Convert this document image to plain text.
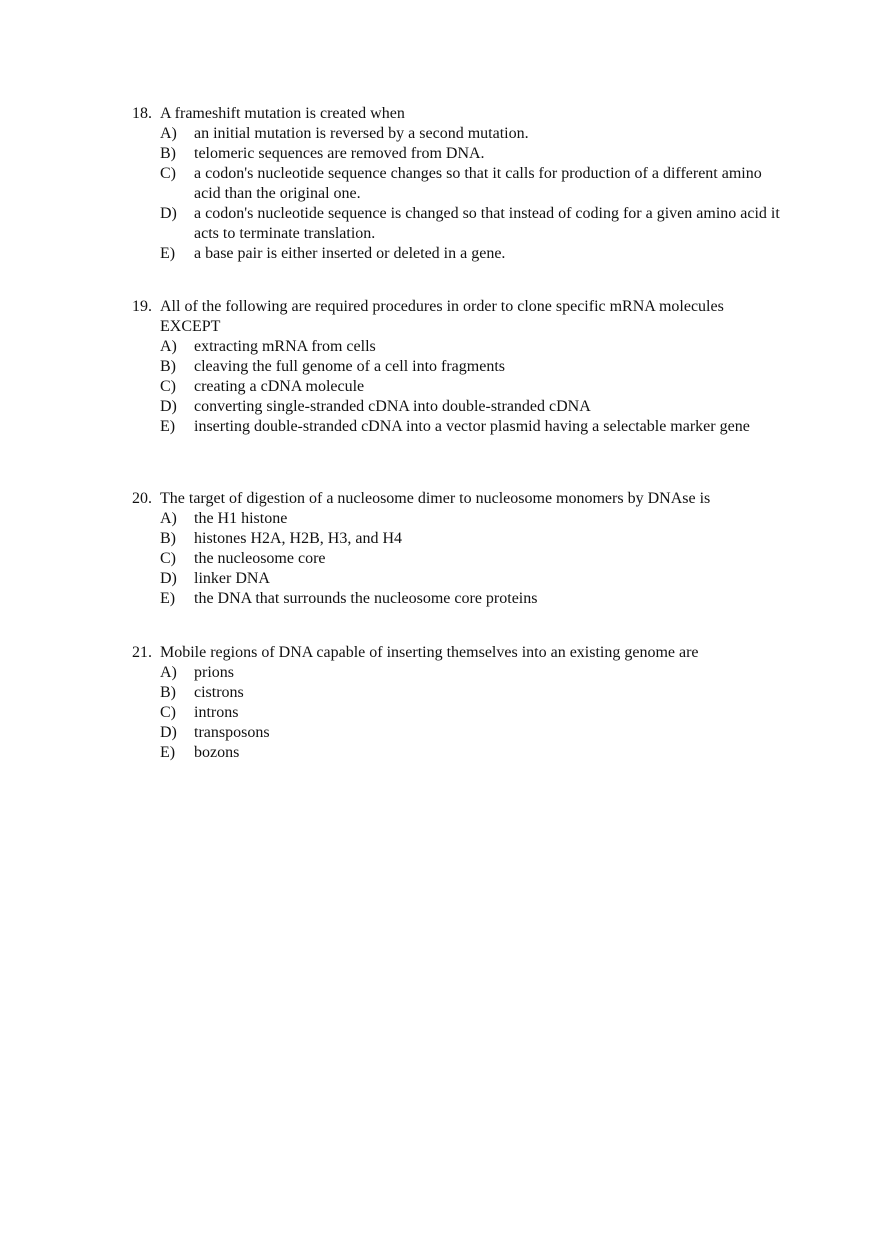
18. A frameshift mutation is created when
A)	an initial mutation is reversed by a second mutation.
B)	telomeric sequences are removed from DNA.
C)	a codon's nucleotide sequence changes so that it calls for production of a different amino acid than the original one.
D)	a codon's nucleotide sequence is changed so that instead of coding for a given amino acid it acts to terminate translation.
E)	a base pair is either inserted or deleted in a gene.
19. All of the following are required procedures in order to clone specific mRNA molecules EXCEPT
A)	extracting mRNA from cells
B)	cleaving the full genome of a cell into fragments
C)	creating a cDNA molecule
D)	converting single-stranded cDNA into double-stranded cDNA
E)	inserting double-stranded cDNA into a vector plasmid having a selectable marker gene
20. The target of digestion of a nucleosome dimer to nucleosome monomers by DNAse is
A)	the H1 histone
B)	histones H2A, H2B, H3, and H4
C)	the nucleosome core
D)	linker DNA
E)	the DNA that surrounds the nucleosome core proteins
21. Mobile regions of DNA capable of inserting themselves into an existing genome are
A)	prions
B)	cistrons
C)	introns
D)	transposons
E)	bozons
